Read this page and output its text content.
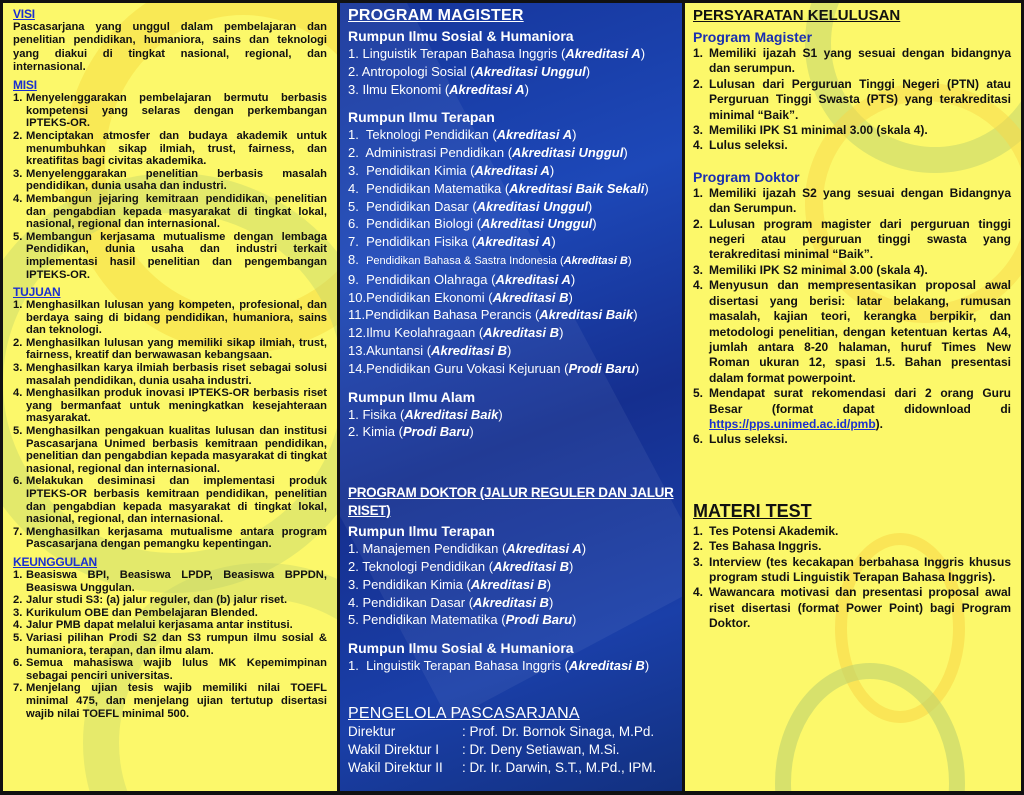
VISI

Pascasarjana yang unggul dalam pembelajaran dan penelitian pendidikan, humaniora, sains dan teknologi yang diakui di tingkat nasional, regional, dan internasional.

MISI
1. Menyelenggarakan pembelajaran bermutu berbasis kompetensi yang selaras dengan perkembangan IPTEKS-OR.
2. Menciptakan atmosfer dan budaya akademik untuk menumbuhkan sikap ilmiah, trust, fairness, dan kreatifitas bagi civitas akademika.
3. Menyelenggarakan penelitian berbasis masalah pendidikan, dunia usaha dan industri.
4. Membangun jejaring kemitraan pendidikan, penelitian dan pengabdian kepada masyarakat di tingkat lokal, nasional, regional dan internasional.
5. Membangun kerjasama mutualisme dengan lembaga Pendidikan, dunia usaha dan industri terkait implementasi hasil penelitian dan pengembangan IPTEKS-OR.
TUJUAN
1. Menghasilkan lulusan yang kompeten, profesional, dan berdaya saing di bidang pendidikan, humaniora, sains dan teknologi.
2. Menghasilkan lulusan yang memiliki sikap ilmiah, trust, fairness, kreatif dan berwawasan kebangsaan.
3. Menghasilkan karya ilmiah berbasis riset sebagai solusi masalah pendidikan, dunia usaha industri.
4. Menghasilkan produk inovasi IPTEKS-OR berbasis riset yang bermanfaat untuk meningkatkan kesejahteraan masyarakat.
5. Menghasilkan pengakuan kualitas lulusan dan institusi Pascasarjana Unimed berbasis kemitraan pendidikan, penelitian dan pengabdian kepada masyarakat di tingkat nasional, regional dan internasional.
6. Melakukan desiminasi dan implementasi produk IPTEKS-OR berbasis kemitraan pendidikan, penelitian dan pengabdian kepada masyarakat di tingkat lokal, nasional, regional, dan internasional.
7. Menghasilkan kerjasama mutualisme antara program Pascasarjana dengan pemangku kepentingan.
KEUNGGULAN
1. Beasiswa BPI, Beasiswa LPDP, Beasiswa BPPDN, Beasiswa Unggulan.
2. Jalur studi S3: (a) jalur reguler, dan (b) jalur riset.
3. Kurikulum OBE dan Pembelajaran Blended.
4. Jalur PMB dapat melalui kerjasama antar institusi.
5. Variasi pilihan Prodi S2 dan S3 rumpun ilmu sosial & humaniora, terapan, dan ilmu alam.
6. Semua mahasiswa wajib lulus MK Kepemimpinan sebagai penciri universitas.
7. Menjelang ujian tesis wajib memiliki nilai TOEFL minimal 475, dan menjelang ujian tertutup disertasi wajib nilai TOEFL minimal 500.
PROGRAM MAGISTER
Rumpun Ilmu Sosial & Humaniora
1. Linguistik Terapan Bahasa Inggris (Akreditasi A)
2. Antropologi Sosial (Akreditasi Unggul)
3. Ilmu Ekonomi (Akreditasi A)
Rumpun Ilmu Terapan
1. Teknologi Pendidikan (Akreditasi A)
2. Administrasi Pendidikan (Akreditasi Unggul)
3. Pendidikan Kimia (Akreditasi A)
4. Pendidikan Matematika (Akreditasi Baik Sekali)
5. Pendidikan Dasar (Akreditasi Unggul)
6. Pendidikan Biologi (Akreditasi Unggul)
7. Pendidikan Fisika (Akreditasi A)
8. Pendidikan Bahasa & Sastra Indonesia (Akreditasi B)
9. Pendidikan Olahraga (Akreditasi A)
10.Pendidikan Ekonomi (Akreditasi B)
11.Pendidikan Bahasa Perancis (Akreditasi Baik)
12.Ilmu Keolahragaan (Akreditasi B)
13.Akuntansi (Akreditasi B)
14.Pendidikan Guru Vokasi Kejuruan (Prodi Baru)
Rumpun Ilmu Alam
1. Fisika (Akreditasi Baik)
2. Kimia (Prodi Baru)
PROGRAM DOKTOR (JALUR REGULER DAN JALUR RISET)
Rumpun Ilmu Terapan
1. Manajemen Pendidikan (Akreditasi A)
2. Teknologi Pendidikan (Akreditasi B)
3. Pendidikan Kimia (Akreditasi B)
4. Pendidikan Dasar (Akreditasi B)
5. Pendidikan Matematika (Prodi Baru)
Rumpun Ilmu Sosial & Humaniora
1. Linguistik Terapan Bahasa Inggris (Akreditasi B)
PENGELOLA PASCASARJANA
Direktur	: Prof. Dr. Bornok Sinaga, M.Pd.
Wakil Direktur I	: Dr. Deny Setiawan, M.Si.
Wakil Direktur II	: Dr. Ir. Darwin, S.T., M.Pd., IPM.
PERSYARATAN KELULUSAN
Program Magister
1. Memiliki ijazah S1 yang sesuai dengan bidangnya dan serumpun.
2. Lulusan dari Perguruan Tinggi Negeri (PTN) atau Perguruan Tinggi Swasta (PTS) yang terakreditasi minimal “Baik”.
3. Memiliki IPK S1 minimal 3.00 (skala 4).
4. Lulus seleksi.
Program Doktor
1. Memiliki ijazah S2 yang sesuai dengan Bidangnya dan Serumpun.
2. Lulusan program magister dari perguruan tinggi negeri atau perguruan tinggi swasta yang terakreditasi minimal “Baik”.
3. Memiliki IPK S2 minimal 3.00 (skala 4).
4. Menyusun dan mempresentasikan proposal awal disertasi yang berisi: latar belakang, rumusan masalah, kajian teori, kerangka berpikir, dan metodologi penelitian, dengan ketentuan kertas A4, jumlah antara 8-20 halaman, huruf Times New Roman ukuran 12, spasi 1.5. Bahan presentasi dalam format powerpoint.
5. Mendapat surat rekomendasi dari 2 orang Guru Besar (format dapat didownload di https://pps.unimed.ac.id/pmb).
6. Lulus seleksi.
MATERI TEST
1. Tes Potensi Akademik.
2. Tes Bahasa Inggris.
3. Interview (tes kecakapan berbahasa Inggris khusus program studi Linguistik Terapan Bahasa Inggris).
4. Wawancara motivasi dan presentasi proposal awal riset disertasi (format Power Point) bagi Program Doktor.
